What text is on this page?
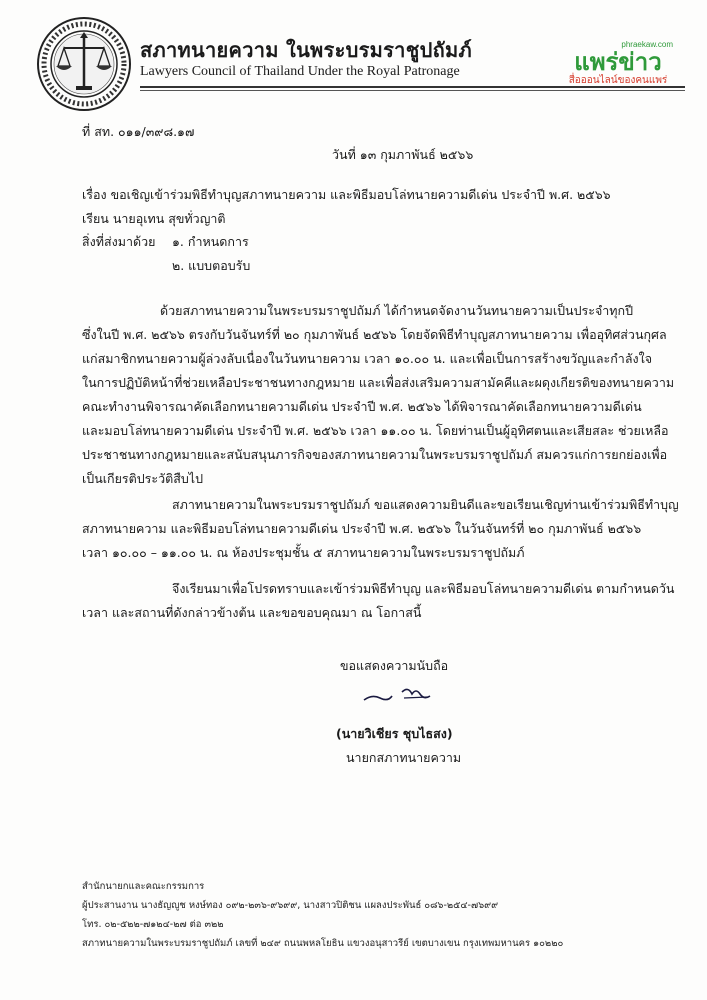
สภาทนายความ ในพระบรมราชูปถัมภ์
Lawyers Council of Thailand Under the Royal Patronage
phraekaw.com
แพร่ข่าว
สื่อออนไลน์ของคนแพร่
ที่ สท. ๐๑๑/๓๙๘.๑๗
วันที่ ๑๓ กุมภาพันธ์ ๒๕๖๖
เรื่อง ขอเชิญเข้าร่วมพิธีทำบุญสภาทนายความ และพิธีมอบโล่ทนายความดีเด่น ประจำปี พ.ศ. ๒๕๖๖
เรียน นายอุเทน สุขทั่วญาติ
สิ่งที่ส่งมาด้วย ๑. กำหนดการ
๒. แบบตอบรับ
ด้วยสภาทนายความในพระบรมราชูปถัมภ์ ได้กำหนดจัดงานวันทนายความเป็นประจำทุกปี
ซึ่งในปี พ.ศ. ๒๕๖๖ ตรงกับวันจันทร์ที่ ๒๐ กุมภาพันธ์ ๒๕๖๖ โดยจัดพิธีทำบุญสภาทนายความ เพื่ออุทิศส่วนกุศล
แก่สมาชิกทนายความผู้ล่วงลับเนื่องในวันทนายความ เวลา ๑๐.๐๐ น. และเพื่อเป็นการสร้างขวัญและกำลังใจ
ในการปฏิบัติหน้าที่ช่วยเหลือประชาชนทางกฎหมาย และเพื่อส่งเสริมความสามัคคีและผดุงเกียรติของทนายความ
คณะทำงานพิจารณาคัดเลือกทนายความดีเด่น ประจำปี พ.ศ. ๒๕๖๖ ได้พิจารณาคัดเลือกทนายความดีเด่น
และมอบโล่ทนายความดีเด่น ประจำปี พ.ศ. ๒๕๖๖ เวลา ๑๑.๐๐ น. โดยท่านเป็นผู้อุทิศตนและเสียสละ ช่วยเหลือ
ประชาชนทางกฎหมายและสนับสนุนภารกิจของสภาทนายความในพระบรมราชูปถัมภ์ สมควรแก่การยกย่องเพื่อ
เป็นเกียรติประวัติสืบไป
สภาทนายความในพระบรมราชูปถัมภ์ ขอแสดงความยินดีและขอเรียนเชิญท่านเข้าร่วมพิธีทำบุญ
สภาทนายความ และพิธีมอบโล่ทนายความดีเด่น ประจำปี พ.ศ. ๒๕๖๖ ในวันจันทร์ที่ ๒๐ กุมภาพันธ์ ๒๕๖๖
เวลา ๑๐.๐๐ – ๑๑.๐๐ น. ณ ห้องประชุมชั้น ๕ สภาทนายความในพระบรมราชูปถัมภ์
จึงเรียนมาเพื่อโปรดทราบและเข้าร่วมพิธีทำบุญ และพิธีมอบโล่ทนายความดีเด่น ตามกำหนดวัน
เวลา และสถานที่ดังกล่าวข้างต้น และขอขอบคุณมา ณ โอกาสนี้
ขอแสดงความนับถือ
(นายวิเชียร ชุบไธสง)
นายกสภาทนายความ
สำนักนายกและคณะกรรมการ
ผู้ประสานงาน นางธัญญูช หงษ์ทอง ๐๙๒-๒๓๖-๙๖๙๙, นางสาวปิติชน แผลงประพันธ์ ๐๘๖-๒๕๔-๗๖๙๙
โทร. ๐๒-๕๒๒-๗๑๒๔-๒๗ ต่อ ๓๒๒
สภาทนายความในพระบรมราชูปถัมภ์ เลขที่ ๒๔๙ ถนนพหลโยธิน แขวงอนุสาวรีย์ เขตบางเขน กรุงเทพมหานคร ๑๐๒๒๐
